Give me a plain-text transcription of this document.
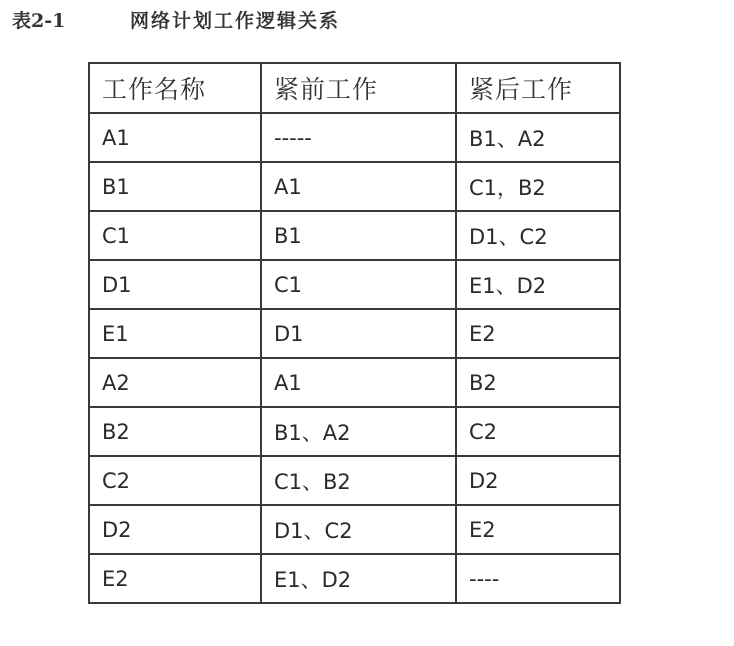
表2-1	网络计划工作逻辑关系
工作名称	紧前工作	紧后工作
A1	-----	B1、A2
B1	A1	C1，B2
C1	B1	D1、C2
D1	C1	E1、D2
E1	D1	E2
A2	A1	B2
B2	B1、A2	C2
C2	C1、B2	D2
D2	D1、C2	E2
E2	E1、D2	----
